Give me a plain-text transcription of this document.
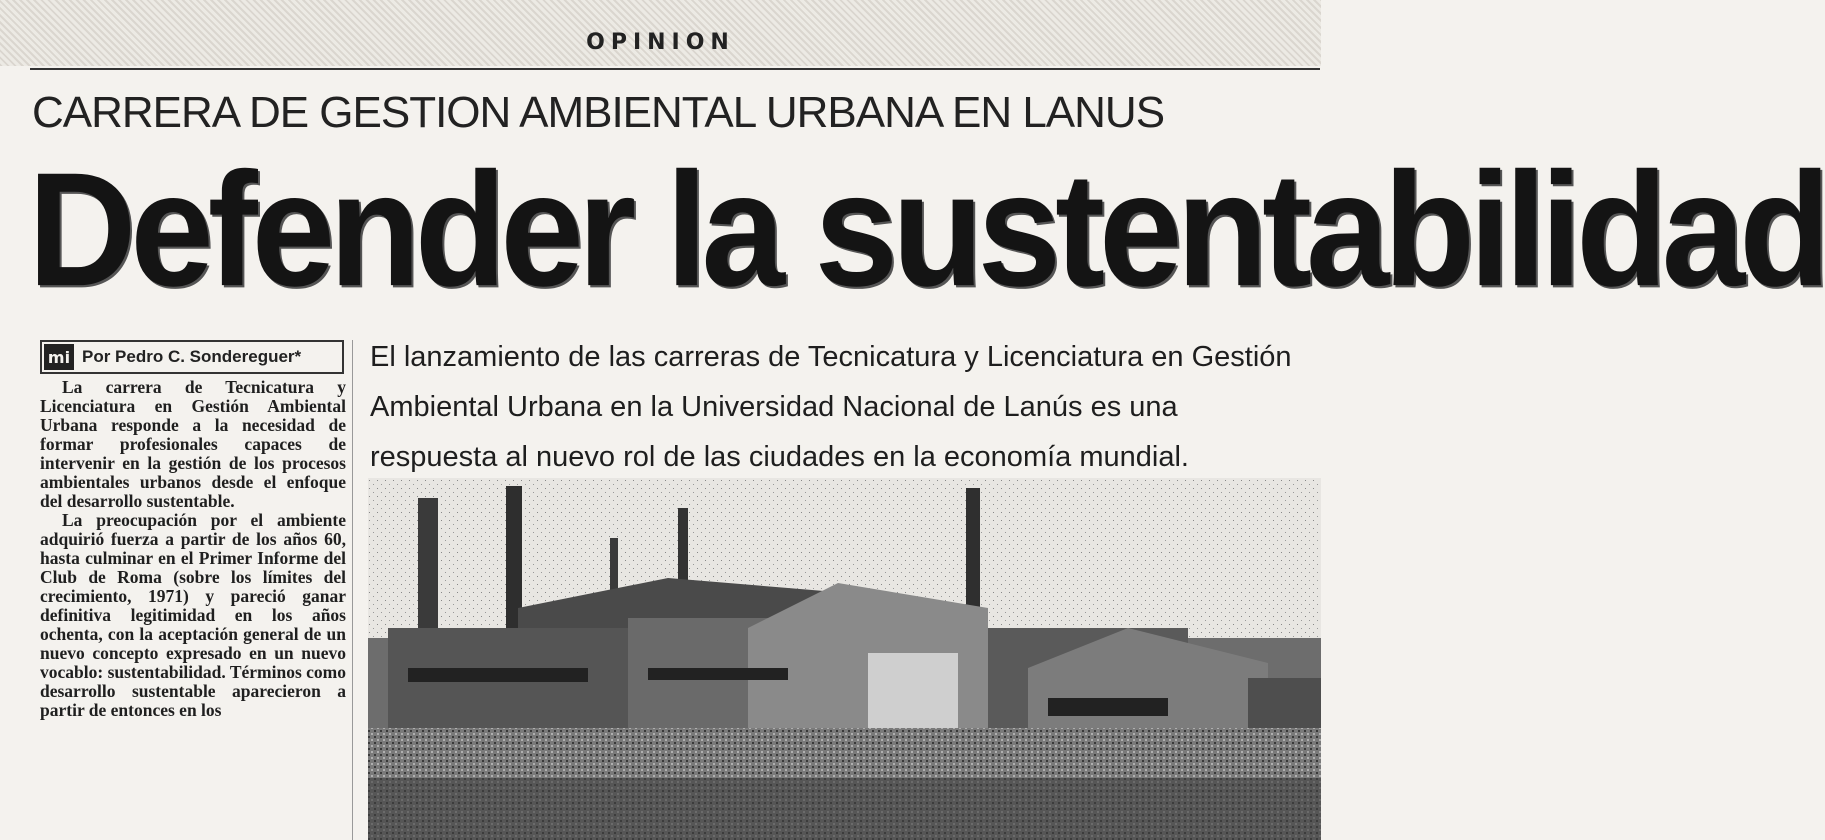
OPINION
CARRERA DE GESTION AMBIENTAL URBANA EN LANUS
Defender la sustentabilidad
mi Por Pedro C. Sondereguer*

La carrera de Tecnicatura y Licenciatura en Gestión Ambiental Urbana responde a la necesidad de formar profesionales capaces de intervenir en la gestión de los procesos ambientales urbanos desde el enfoque del desarrollo sustentable.

La preocupación por el ambiente adquirió fuerza a partir de los años 60, hasta culminar en el Primer Informe del Club de Roma (sobre los límites del crecimiento, 1971) y pareció ganar definitiva legitimidad en los años ochenta, con la aceptación general de un nuevo concepto expresado en un nuevo vocablo: sustentabilidad. Términos como desarrollo sustentable aparecieron a partir de entonces en los

El lanzamiento de las carreras de Tecnicatura y Licenciatura en Gestión Ambiental Urbana en la Universidad Nacional de Lanús es una respuesta al nuevo rol de las ciudades en la economía mundial.
